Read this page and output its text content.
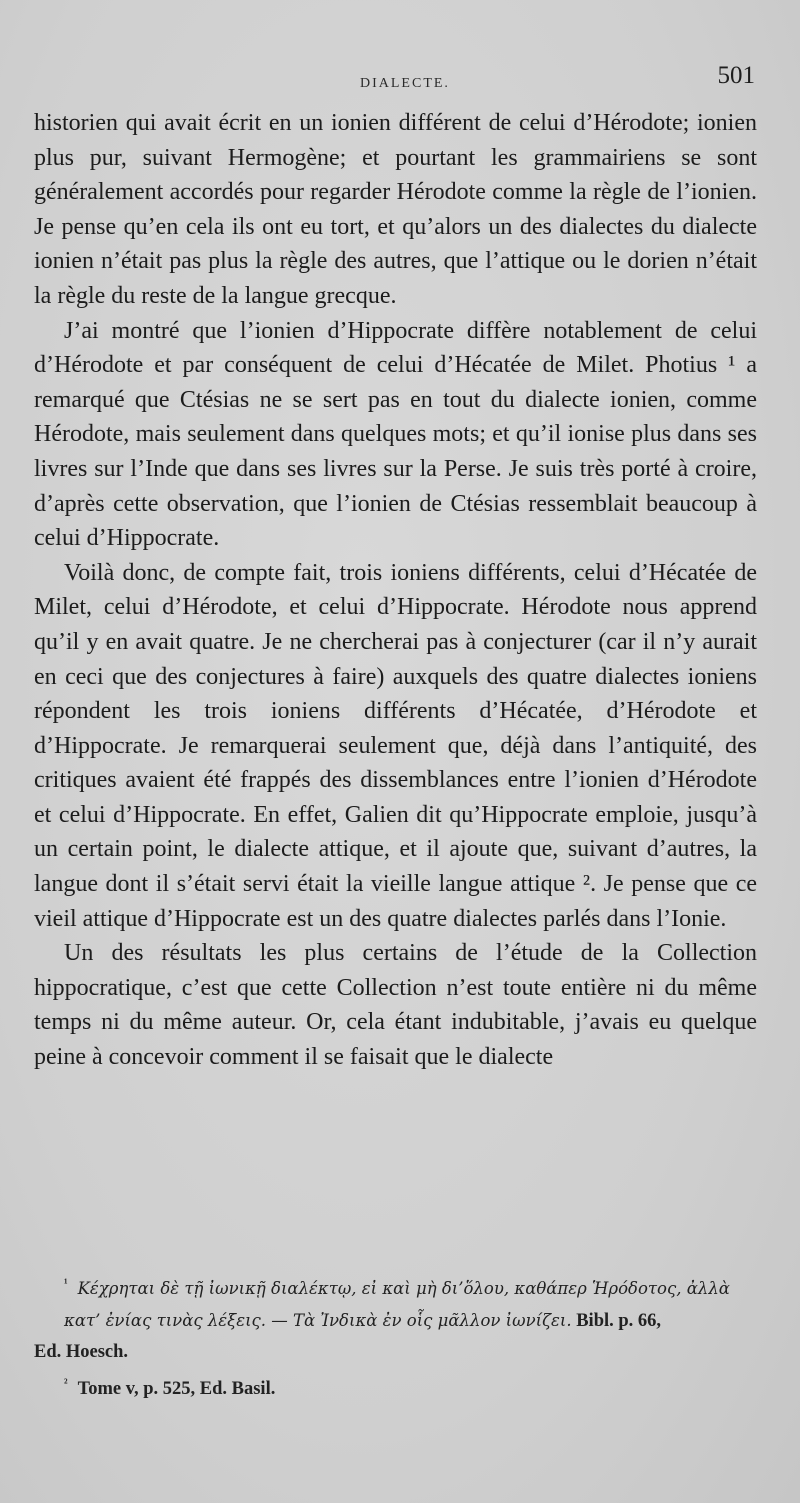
DIALECTE.	501

historien qui avait écrit en un ionien différent de celui d’Hérodote; ionien plus pur, suivant Hermogène; et pourtant les grammairiens se sont généralement accordés pour regarder Hérodote comme la règle de l’ionien. Je pense qu’en cela ils ont eu tort, et qu’alors un des dialectes du dialecte ionien n’était pas plus la règle des autres, que l’attique ou le dorien n’était la règle du reste de la langue grecque.

J’ai montré que l’ionien d’Hippocrate diffère notablement de celui d’Hérodote et par conséquent de celui d’Hécatée de Milet. Photius ¹ a remarqué que Ctésias ne se sert pas en tout du dialecte ionien, comme Hérodote, mais seulement dans quelques mots; et qu’il ionise plus dans ses livres sur l’Inde que dans ses livres sur la Perse. Je suis très porté à croire, d’après cette observation, que l’ionien de Ctésias ressemblait beaucoup à celui d’Hippocrate.

Voilà donc, de compte fait, trois ioniens différents, celui d’Hécatée de Milet, celui d’Hérodote, et celui d’Hippocrate. Hérodote nous apprend qu’il y en avait quatre. Je ne chercherai pas à conjecturer (car il n’y aurait en ceci que des conjectures à faire) auxquels des quatre dialectes ioniens répondent les trois ioniens différents d’Hécatée, d’Hérodote et d’Hippocrate. Je remarquerai seulement que, déjà dans l’antiquité, des critiques avaient été frappés des dissemblances entre l’ionien d’Hérodote et celui d’Hippocrate. En effet, Galien dit qu’Hippocrate emploie, jusqu’à un certain point, le dialecte attique, et il ajoute que, suivant d’autres, la langue dont il s’était servi était la vieille langue attique ². Je pense que ce vieil attique d’Hippocrate est un des quatre dialectes parlés dans l’Ionie.

Un des résultats les plus certains de l’étude de la Collection hippocratique, c’est que cette Collection n’est toute entière ni du même temps ni du même auteur. Or, cela étant indubitable, j’avais eu quelque peine à concevoir comment il se faisait que le dialecte

$^{^1}$ Κέχρηται δὲ τῇ ἰωνικῇ διαλέκτῳ, εἰ καὶ μὴ δι’ὅλου, καθάπερ Ἡρόδοτος, ἀλλὰ κατ’ ἐνίας τινὰς λέξεις. — Τὰ Ἰνδικὰ ἐν οἷς μᾶλλον ἰωνίζει. Bibl. p. 66,

Ed. Hoesch.

$^{^2}$ Tome v, p. 525, Ed. Basil.
